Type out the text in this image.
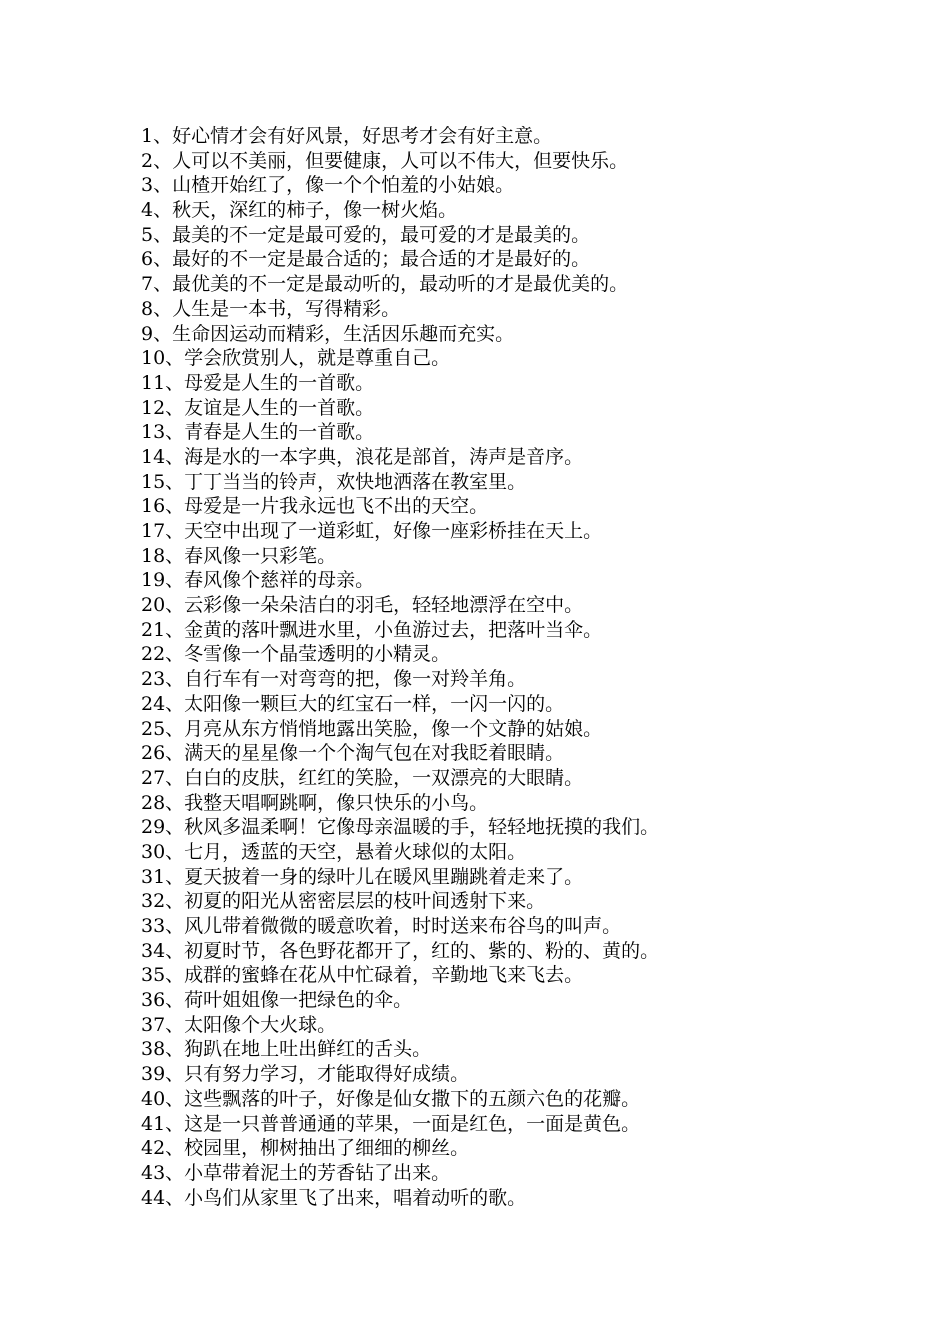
1、好心情才会有好风景，好思考才会有好主意。
2、人可以不美丽，但要健康，人可以不伟大，但要快乐。
3、山楂开始红了，像一个个怕羞的小姑娘。
4、秋天，深红的柿子，像一树火焰。
5、最美的不一定是最可爱的，最可爱的才是最美的。
6、最好的不一定是最合适的；最合适的才是最好的。
7、最优美的不一定是最动听的，最动听的才是最优美的。
8、人生是一本书，写得精彩。
9、生命因运动而精彩，生活因乐趣而充实。
10、学会欣赏别人，就是尊重自己。
11、母爱是人生的一首歌。
12、友谊是人生的一首歌。
13、青春是人生的一首歌。
14、海是水的一本字典，浪花是部首，涛声是音序。
15、丁丁当当的铃声，欢快地洒落在教室里。
16、母爱是一片我永远也飞不出的天空。
17、天空中出现了一道彩虹，好像一座彩桥挂在天上。
18、春风像一只彩笔。
19、春风像个慈祥的母亲。
20、云彩像一朵朵洁白的羽毛，轻轻地漂浮在空中。
21、金黄的落叶飘进水里，小鱼游过去，把落叶当伞。
22、冬雪像一个晶莹透明的小精灵。
23、自行车有一对弯弯的把，像一对羚羊角。
24、太阳像一颗巨大的红宝石一样，一闪一闪的。
25、月亮从东方悄悄地露出笑脸，像一个文静的姑娘。
26、满天的星星像一个个淘气包在对我眨着眼睛。
27、白白的皮肤，红红的笑脸，一双漂亮的大眼睛。
28、我整天唱啊跳啊，像只快乐的小鸟。
29、秋风多温柔啊！它像母亲温暖的手，轻轻地抚摸的我们。
30、七月，透蓝的天空，悬着火球似的太阳。
31、夏天披着一身的绿叶儿在暖风里蹦跳着走来了。
32、初夏的阳光从密密层层的枝叶间透射下来。
33、风儿带着微微的暖意吹着，时时送来布谷鸟的叫声。
34、初夏时节，各色野花都开了，红的、紫的、粉的、黄的。
35、成群的蜜蜂在花从中忙碌着，辛勤地飞来飞去。
36、荷叶姐姐像一把绿色的伞。
37、太阳像个大火球。
38、狗趴在地上吐出鲜红的舌头。
39、只有努力学习，才能取得好成绩。
40、这些飘落的叶子，好像是仙女撒下的五颜六色的花瓣。
41、这是一只普普通通的苹果，一面是红色，一面是黄色。
42、校园里，柳树抽出了细细的柳丝。
43、小草带着泥土的芳香钻了出来。
44、小鸟们从家里飞了出来，唱着动听的歌。
